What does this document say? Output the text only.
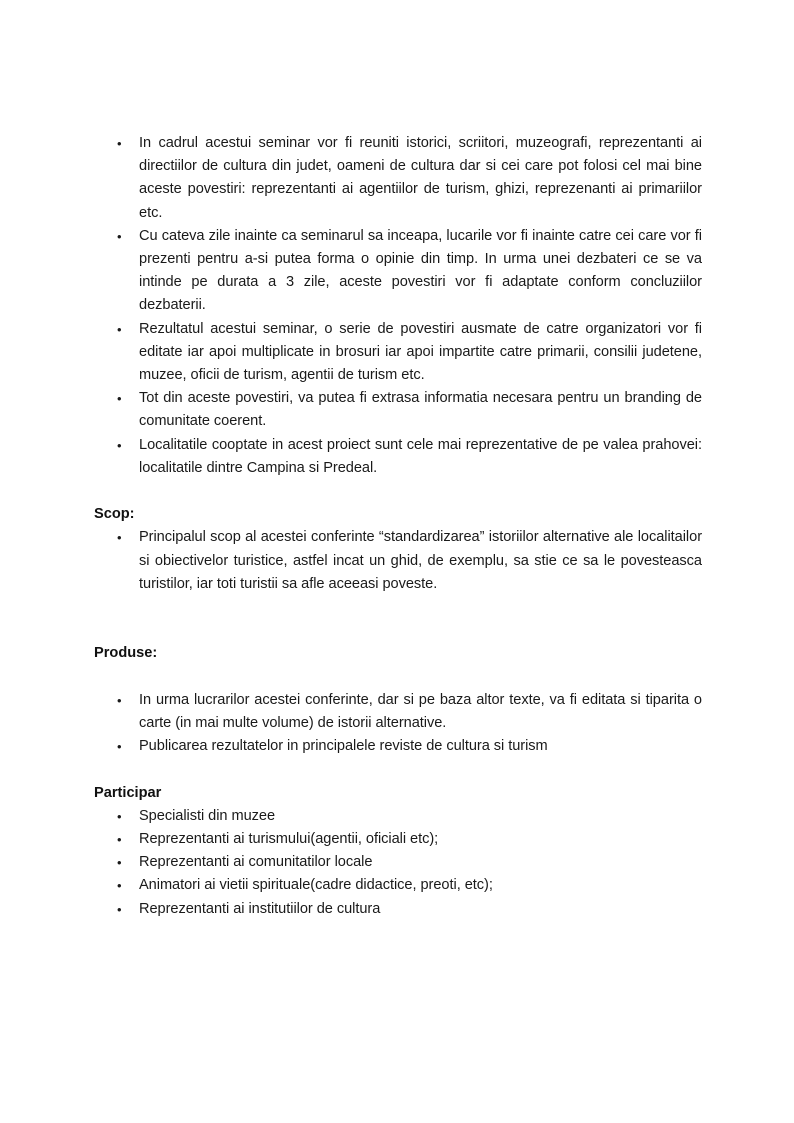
• In cadrul acestui seminar vor fi reuniti istorici, scriitori, muzeografi, reprezentanti ai directiilor de cultura din judet, oameni de cultura dar si cei care pot folosi cel mai bine aceste povestiri: reprezentanti ai agentiilor de turism, ghizi, reprezenanti ai primariilor etc.
• Cu cateva zile inainte ca seminarul sa inceapa, lucarile vor fi inainte catre cei care vor fi prezenti pentru a-si putea forma o opinie din timp. In urma unei dezbateri ce se va intinde pe durata a 3 zile, aceste povestiri vor fi adaptate conform concluziilor dezbaterii.
• Rezultatul acestui seminar, o serie de povestiri ausmate de catre organizatori vor fi editate iar apoi multiplicate in brosuri iar apoi impartite catre primarii, consilii judetene, muzee, oficii de turism, agentii de turism etc.
• Tot din aceste povestiri, va putea fi extrasa informatia necesara pentru un branding de comunitate coerent.
• Localitatile cooptate in acest proiect sunt cele mai reprezentative de pe valea prahovei: localitatile dintre Campina si Predeal.

Scop:

• Principalul scop al acestei conferinte “standardizarea” istoriilor alternative ale localitailor si obiectivelor turistice, astfel incat un ghid, de exemplu, sa stie ce sa le povesteasca turistilor, iar toti turistii sa afle aceeasi poveste.

Produse:

• In urma lucrarilor acestei conferinte, dar si pe baza altor texte, va fi editata si tiparita o carte (in mai multe volume) de istorii alternative.
• Publicarea rezultatelor in principalele reviste de cultura si turism

Participar

• Specialisti din muzee
• Reprezentanti ai turismului(agentii, oficiali etc);
• Reprezentanti ai comunitatilor locale
• Animatori ai vietii spirituale(cadre didactice, preoti, etc);
• Reprezentanti ai institutiilor de cultura
